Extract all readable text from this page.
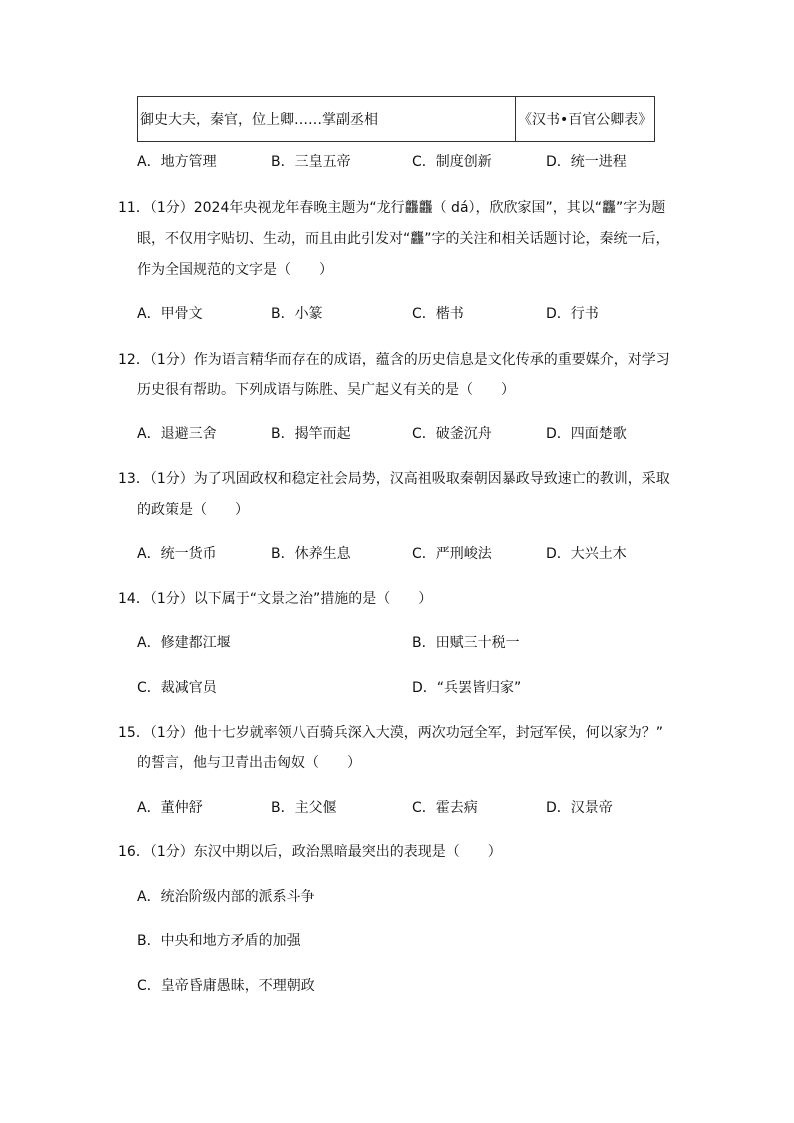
御史大夫，秦官，位上卿……掌副丞相	《汉书•百官公卿表》
A．地方管理	B．三皇五帝	C．制度创新	D．统一进程
11．（1分）2024年央视龙年春晚主题为“龙行龘龘（ dá），欣欣家国”，其以“龘”字为题
眼，不仅用字贴切、生动，而且由此引发对“龘”字的关注和相关话题讨论，秦统一后，
作为全国规范的文字是（　　）
A．甲骨文	B．小篆	C．楷书	D．行书
12．（1分）作为语言精华而存在的成语，蕴含的历史信息是文化传承的重要媒介，对学习
历史很有帮助。下列成语与陈胜、吴广起义有关的是（　　）
A．退避三舍	B．揭竿而起	C．破釜沉舟	D．四面楚歌
13．（1分）为了巩固政权和稳定社会局势，汉高祖吸取秦朝因暴政导致速亡的教训，采取
的政策是（　　）
A．统一货币	B．休养生息	C．严刑峻法	D．大兴土木
14．（1分）以下属于“文景之治”措施的是（　　）
A．修建都江堰	B．田赋三十税一
C．裁减官员	D．“兵罢皆归家”
15．（1分）他十七岁就率领八百骑兵深入大漠，两次功冠全军，封冠军侯，何以家为？”
的誓言，他与卫青出击匈奴（　　）
A．董仲舒	B．主父偃	C．霍去病	D．汉景帝
16．（1分）东汉中期以后，政治黑暗最突出的表现是（　　）
A．统治阶级内部的派系斗争
B．中央和地方矛盾的加强
C．皇帝昏庸愚昧，不理朝政
